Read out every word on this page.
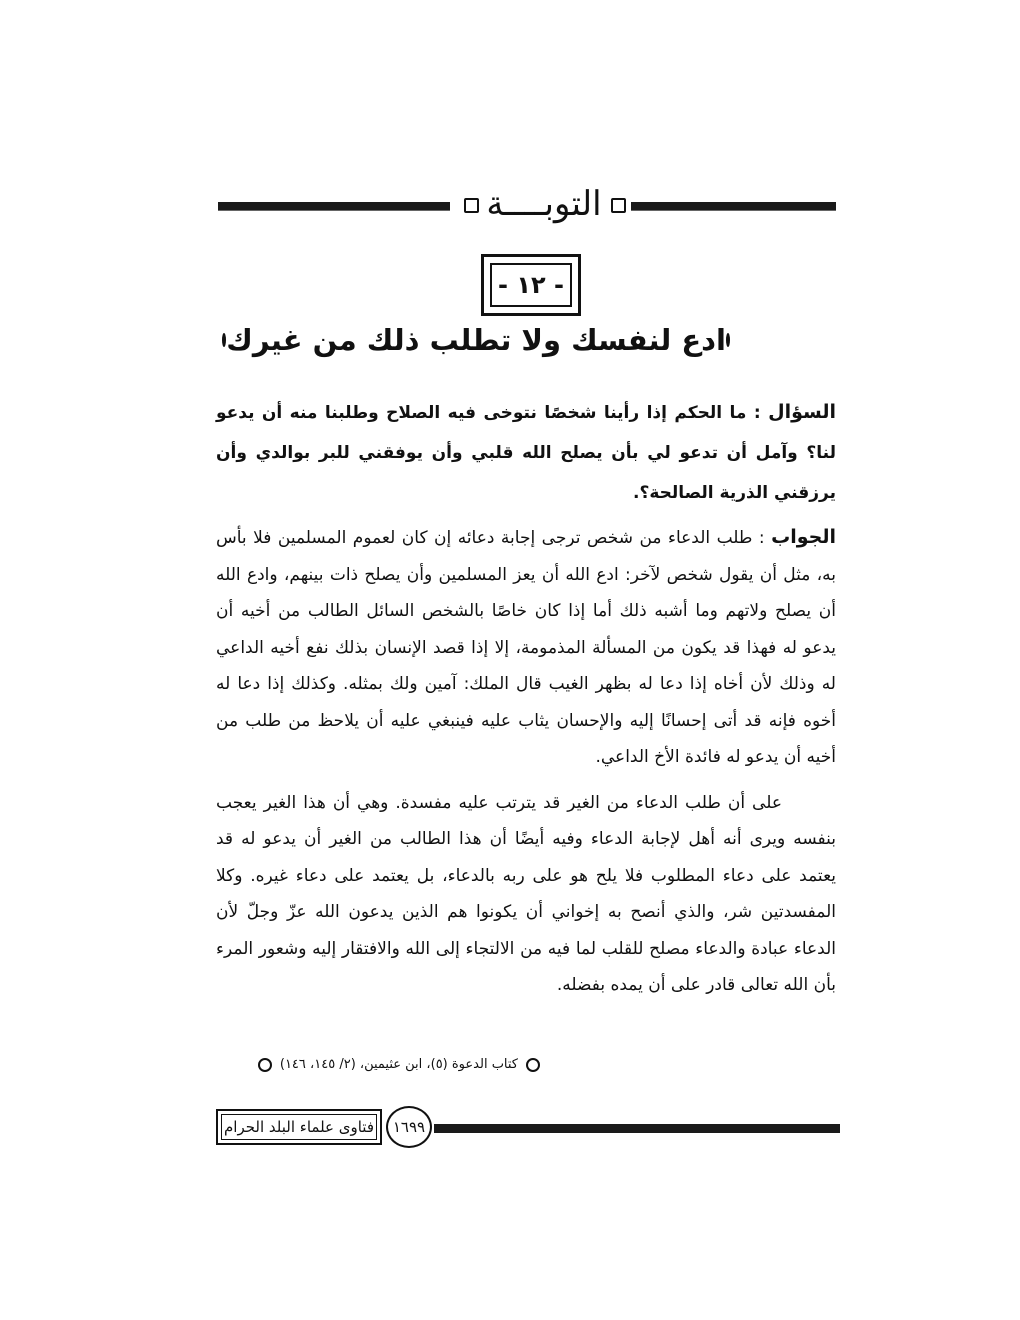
التوبــــة
- ١٢ -
ادع لنفسك ولا تطلب ذلك من غيرك

السؤال : ما الحكم إذا رأينا شخصًا نتوخى فيه الصلاح وطلبنا منه أن يدعو لنا؟ وآمل أن تدعو لي بأن يصلح الله قلبي وأن يوفقني للبر بوالدي وأن يرزقني الذرية الصالحة؟.

الجواب : طلب الدعاء من شخص ترجى إجابة دعائه إن كان لعموم المسلمين فلا بأس به، مثل أن يقول شخص لآخر: ادع الله أن يعز المسلمين وأن يصلح ذات بينهم، وادع الله أن يصلح ولاتهم وما أشبه ذلك أما إذا كان خاصًا بالشخص السائل الطالب من أخيه أن يدعو له فهذا قد يكون من المسألة المذمومة، إلا إذا قصد الإنسان بذلك نفع أخيه الداعي له وذلك لأن أخاه إذا دعا له بظهر الغيب قال الملك: آمين ولك بمثله. وكذلك إذا دعا له أخوه فإنه قد أتى إحسانًا إليه والإحسان يثاب عليه فينبغي عليه أن يلاحظ من طلب من أخيه أن يدعو له فائدة الأخ الداعي.

على أن طلب الدعاء من الغير قد يترتب عليه مفسدة. وهي أن هذا الغير يعجب بنفسه ويرى أنه أهل لإجابة الدعاء وفيه أيضًا أن هذا الطالب من الغير أن يدعو له قد يعتمد على دعاء المطلوب فلا يلح هو على ربه بالدعاء، بل يعتمد على دعاء غيره. وكلا المفسدتين شر، والذي أنصح به إخواني أن يكونوا هم الذين يدعون الله عزّ وجلّ لأن الدعاء عبادة والدعاء مصلح للقلب لما فيه من الالتجاء إلى الله والافتقار إليه وشعور المرء بأن الله تعالى قادر على أن يمده بفضله.

كتاب الدعوة (٥)، ابن عثيمين، (٢/ ١٤٥، ١٤٦)
١٦٩٩
فتاوى علماء البلد الحرام
